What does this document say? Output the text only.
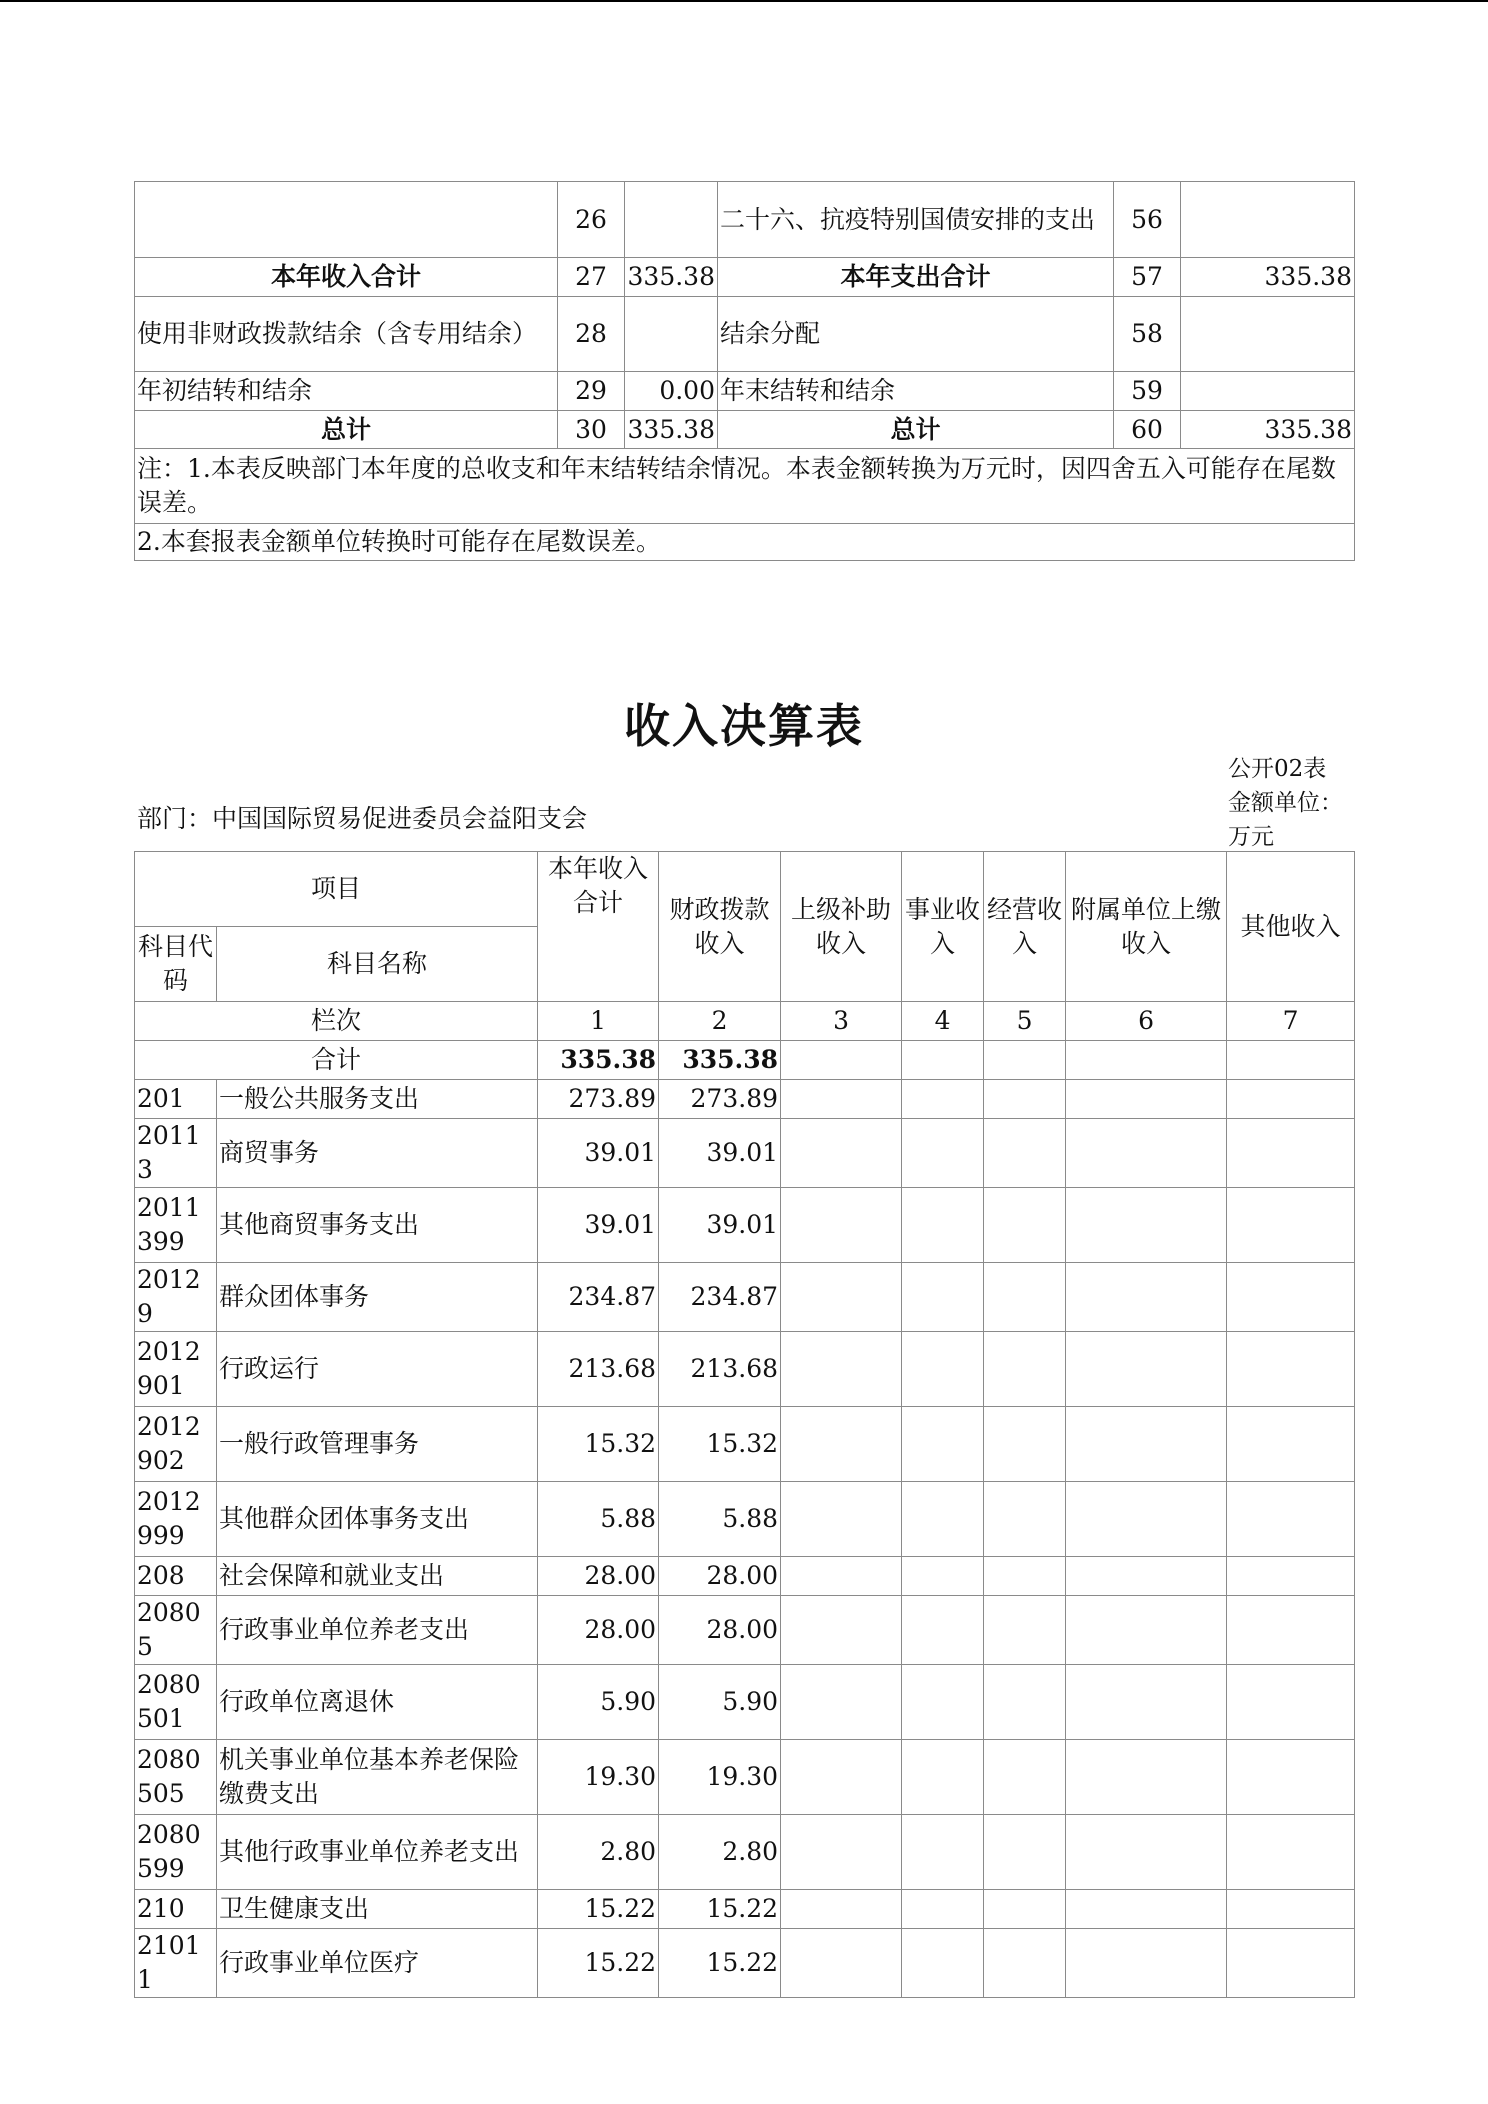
	26		二十六、抗疫特别国债安排的支出	56	
本年收入合计	27	335.38	本年支出合计	57	335.38
使用非财政拨款结余（含专用结余）	28		结余分配	58	
年初结转和结余	29	0.00	年末结转和结余	59	
总计	30	335.38	总计	60	335.38
注：1.本表反映部门本年度的总收支和年末结转结余情况。本表金额转换为万元时，因四舍五入可能存在尾数误差。					
2.本套报表金额单位转换时可能存在尾数误差。					
收入决算表
公开02表
金额单位：
万元
部门：中国国际贸易促进委员会益阳支会
项目		本年收入合计	财政拨款收入	上级补助收入	事业收入	经营收入	附属单位上缴收入	其他收入
科目代码	科目名称							
栏次		1	2	3	4	5	6	7
合计		335.38	335.38					
201	一般公共服务支出	273.89	273.89					
20113	商贸事务	39.01	39.01					
2011399	其他商贸事务支出	39.01	39.01					
20129	群众团体事务	234.87	234.87					
2012901	行政运行	213.68	213.68					
2012902	一般行政管理事务	15.32	15.32					
2012999	其他群众团体事务支出	5.88	5.88					
208	社会保障和就业支出	28.00	28.00					
20805	行政事业单位养老支出	28.00	28.00					
2080501	行政单位离退休	5.90	5.90					
2080505	机关事业单位基本养老保险缴费支出	19.30	19.30					
2080599	其他行政事业单位养老支出	2.80	2.80					
210	卫生健康支出	15.22	15.22					
21011	行政事业单位医疗	15.22	15.22					
